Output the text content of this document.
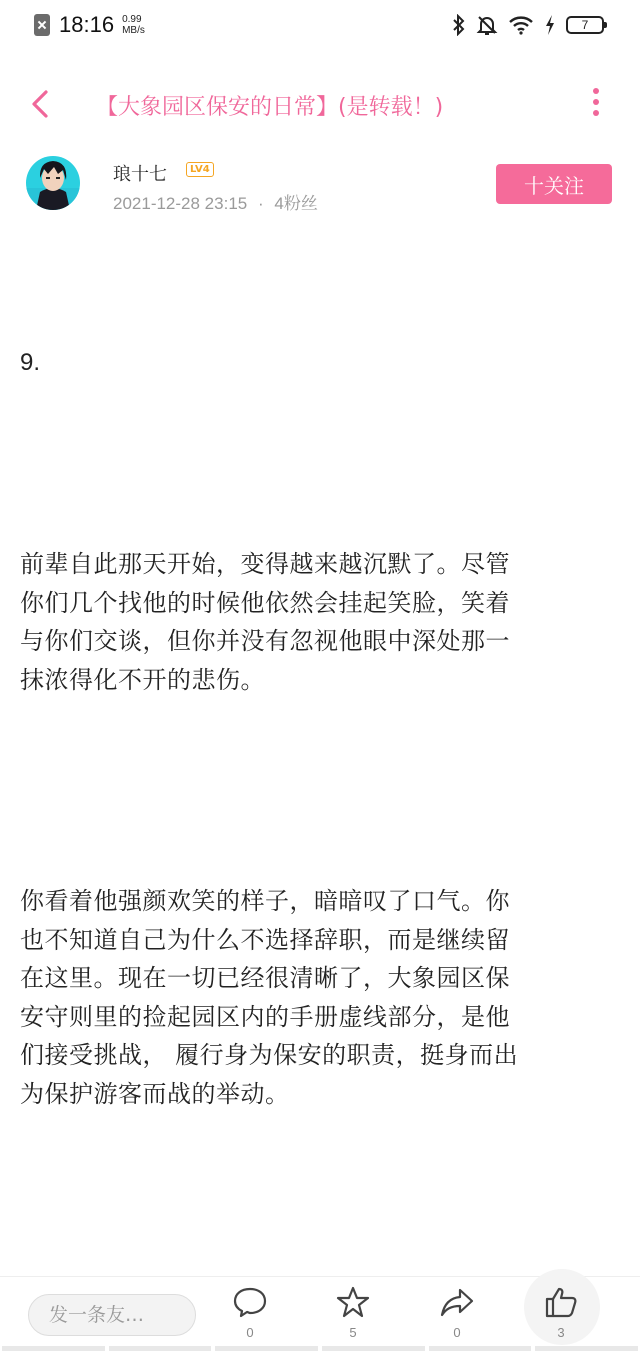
18:16 0.99
MB/s	7
【大象园区保安的日常】(是转载！)
琅十七	LV4
2021-12-28 23:15 · 4粉丝
十关注
9.
前辈自此那天开始，变得越来越沉默了。尽管
你们几个找他的时候他依然会挂起笑脸，笑着
与你们交谈，但你并没有忽视他眼中深处那一
抹浓得化不开的悲伤。
你看着他强颜欢笑的样子，暗暗叹了口气。你
也不知道自己为什么不选择辞职，而是继续留
在这里。现在一切已经很清晰了，大象园区保
安守则里的捡起园区内的手册虚线部分，是他
们接受挑战， 履行身为保安的职责，挺身而出
为保护游客而战的举动。
发一条友…
0	5	0	3
